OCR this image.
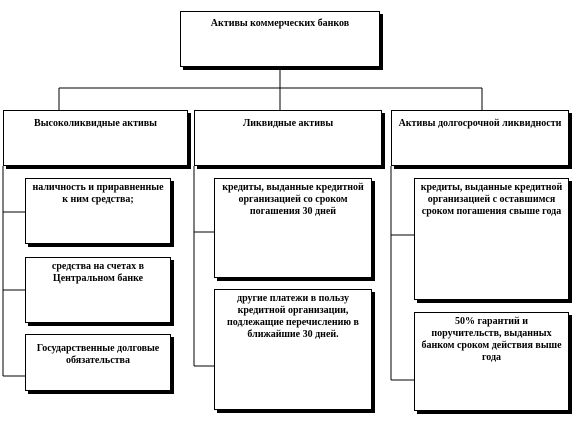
Активы коммерческих банков
Высоколиквидные активы	Ликвидные активы	Активы долгосрочной ликвидности
наличность и приравненные к ним средства;
средства на счетах в Центральном банке
Государственные долговые обязательства
кредиты, выданные кредитной организацией со сроком погашения 30 дней
другие платежи в пользу кредитной организации, подлежащие перечислению в ближайшие 30 дней.
кредиты, выданные кредитной организацией с оставшимся сроком погашения свыше года
50% гарантий и поручительств, выданных банком сроком действия выше года
